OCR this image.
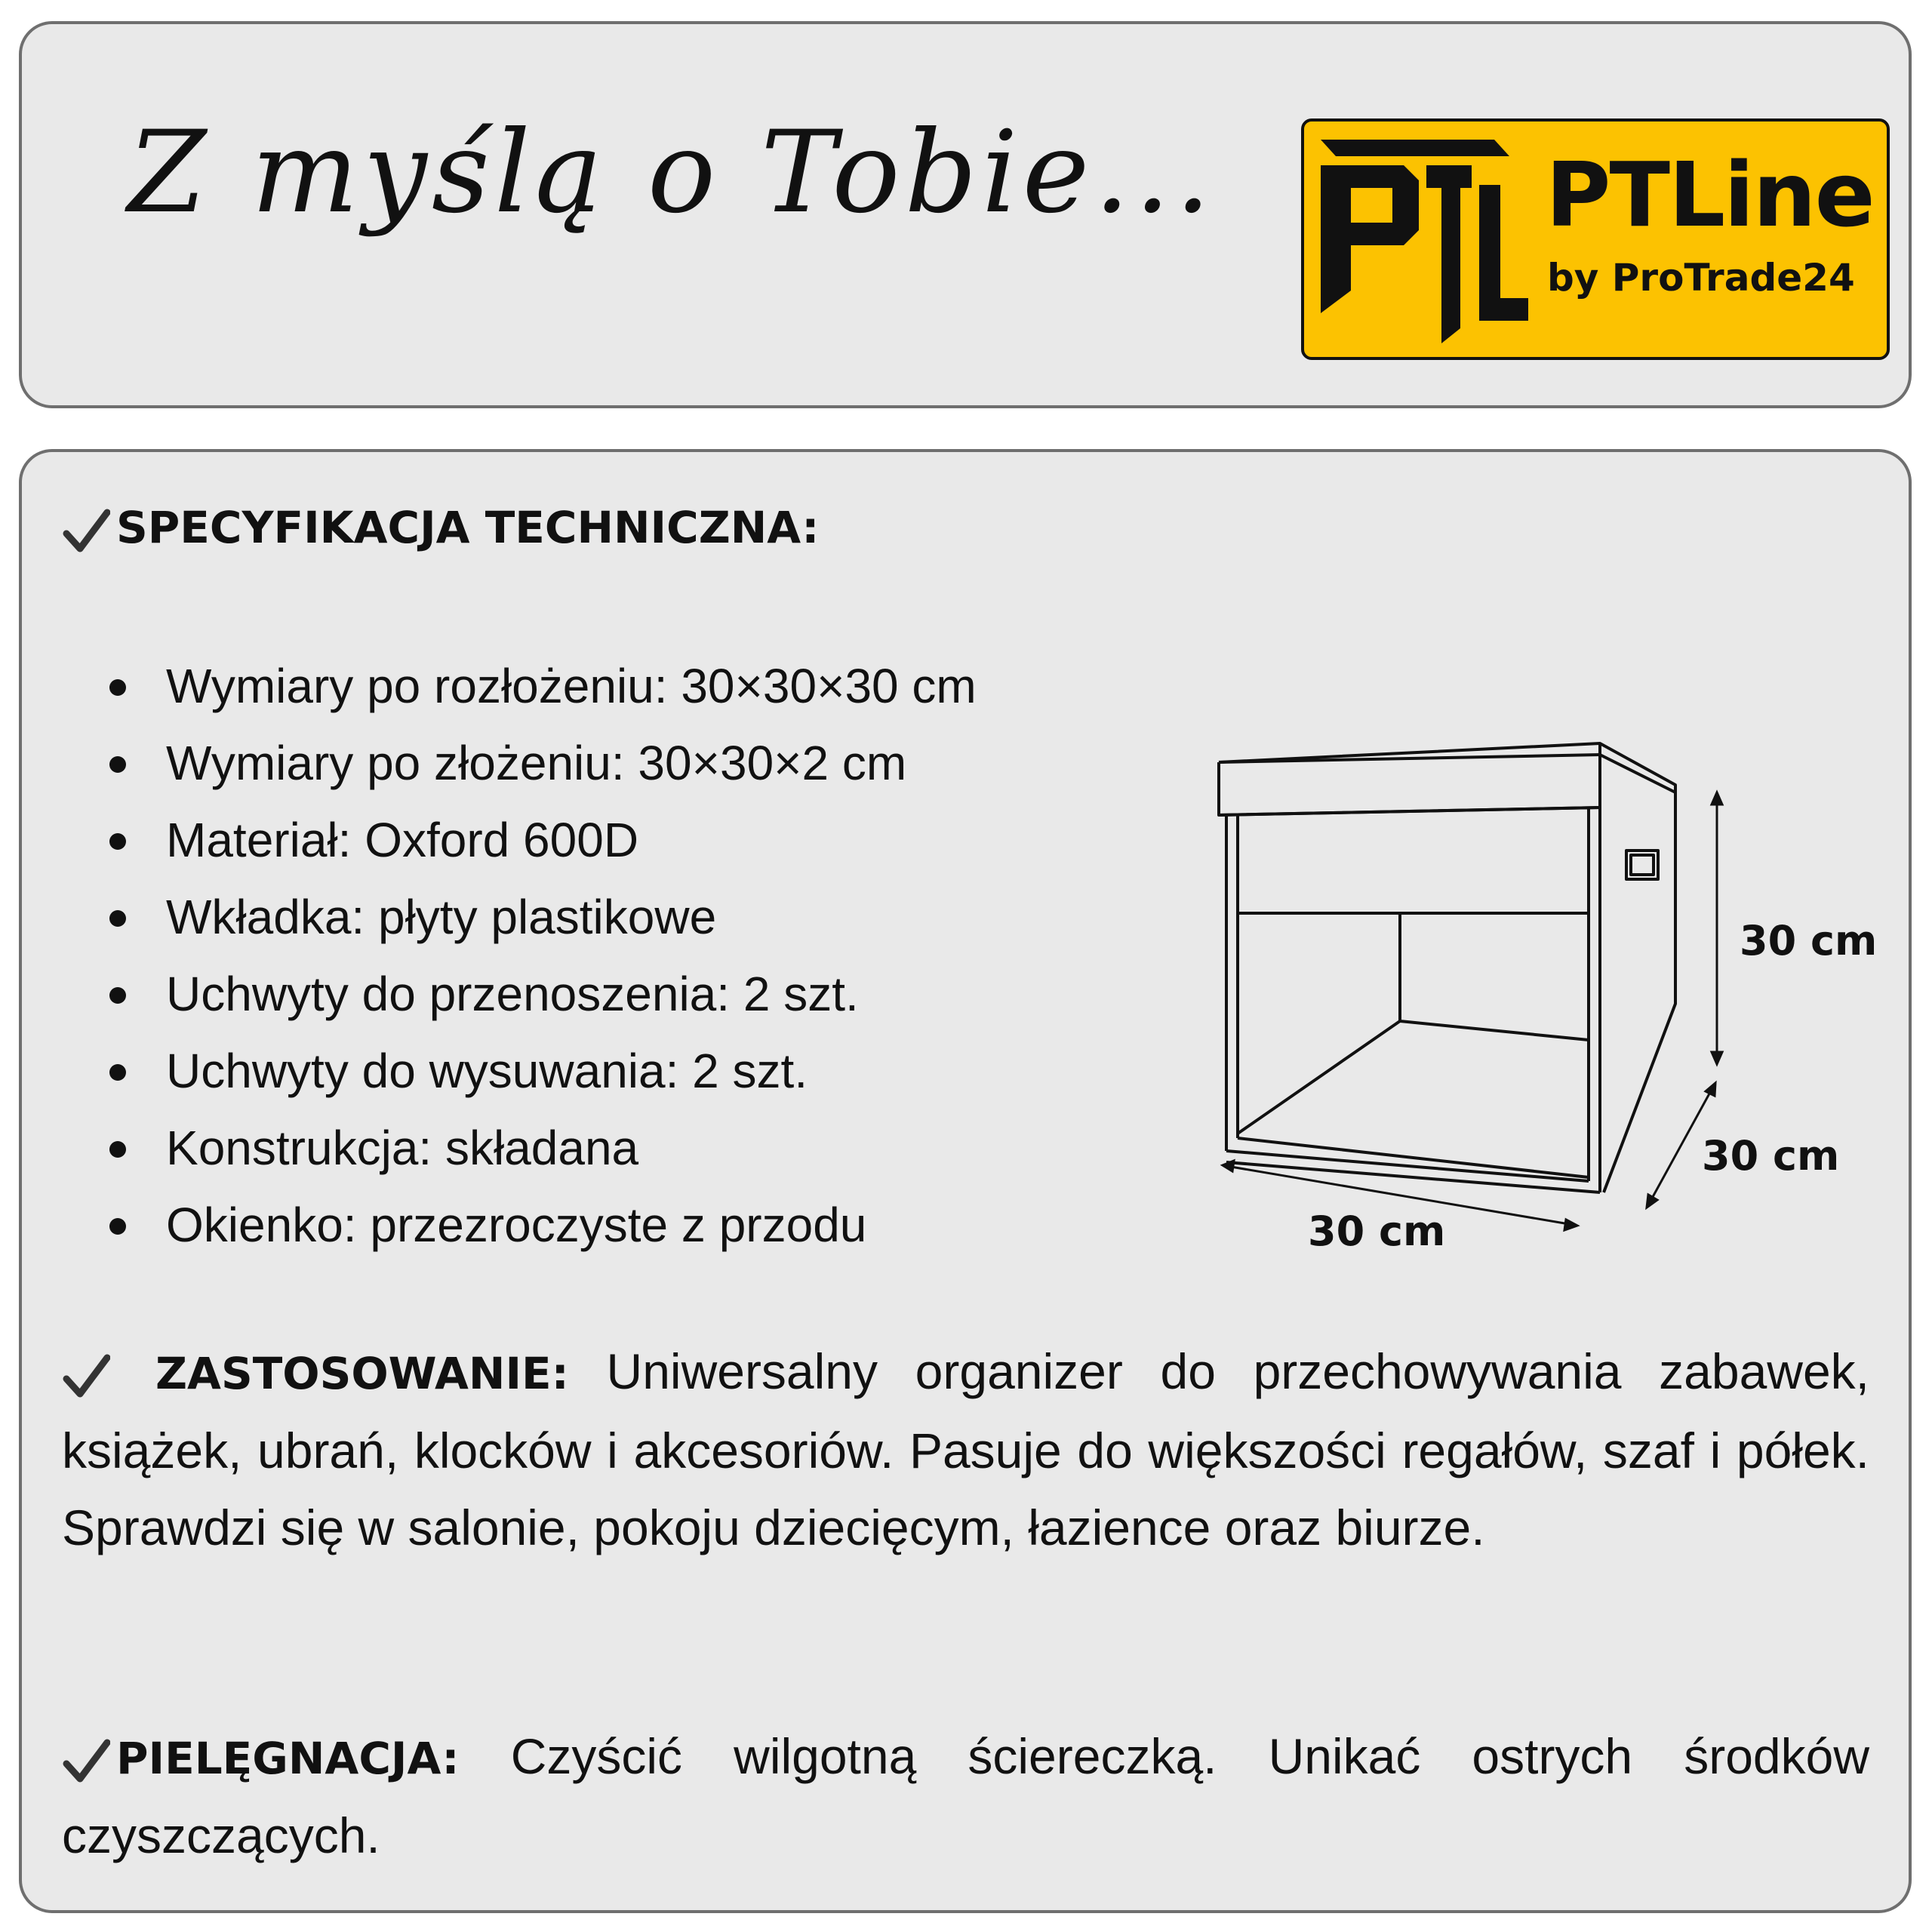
Z myślą o Tobie...	PTLine
by ProTrade24
SPECYFIKACJA TECHNICZNA:
Wymiary po rozłożeniu: 30×30×30 cm
Wymiary po złożeniu: 30×30×2 cm
Materiał: Oxford 600D
Wkładka: płyty plastikowe
Uchwyty do przenoszenia: 2 szt.
Uchwyty do wysuwania: 2 szt.
Konstrukcja: składana
Okienko: przezroczyste z przodu
30 cm
30 cm
30 cm
ZASTOSOWANIE: Uniwersalny organizer do przechowywania zabawek, książek, ubrań, klocków i akcesoriów. Pasuje do większości regałów, szaf i półek. Sprawdzi się w salonie, pokoju dziecięcym, łazience oraz biurze.
PIELĘGNACJA: Czyścić wilgotną ściereczką. Unikać ostrych środków czyszczących.
